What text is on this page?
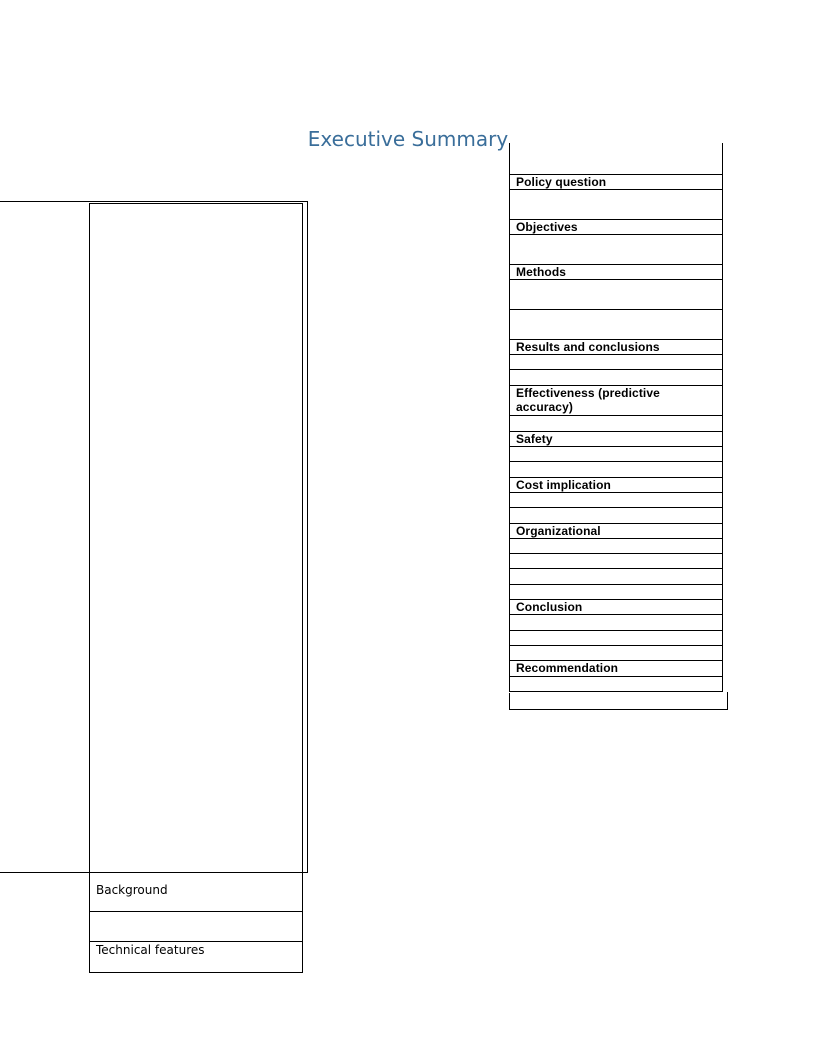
Executive Summary
Background
Technical features
Policy question
Objectives
Methods
Results and conclusions
Effectiveness (predictive accuracy)
Safety
Cost implication
Organizational
Conclusion
Recommendation
